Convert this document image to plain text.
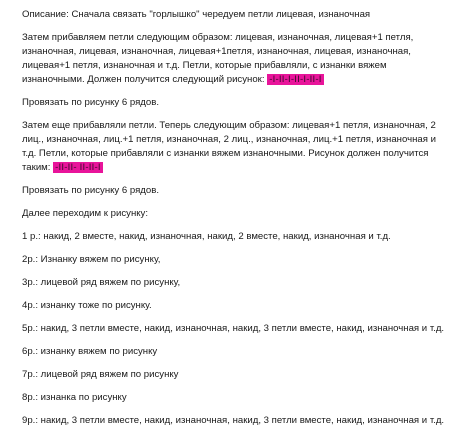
Описание: Сначала связать "горлышко" чередуем петли лицевая, изнаночная

Затем прибавляем петли следующим образом: лицевая, изнаночная, лицевая+1 петля, изнаночная, лицевая, изнаночная, лицевая+1петля, изнаночная, лицевая, изнаночная, лицевая+1 петля, изнаночная и т.д. Петли, которые прибавляли, с изнанки вяжем изнаночными. Должен получится следующий рисунок: -I-II-I-II-I-II-I

Провязать по рисунку 6 рядов.

Затем еще прибавляли петли. Теперь следующим образом: лицевая+1 петля, изнаночная, 2 лиц., изнаночная, лиц.+1 петля, изнаночная, 2 лиц., изнаночная, лиц.+1 петля, изнаночная и т.д. Петли, которые прибавляли с изнанки вяжем изнаночными. Рисунок должен получится таким: -II-II- II-II-I

Провязать по рисунку 6 рядов.

Далее переходим к рисунку:

1 р.: накид, 2 вместе, накид, изнаночная, накид, 2 вместе, накид, изнаночная и т.д.

2р.: Изнанку вяжем по рисунку,

3р.: лицевой ряд вяжем по рисунку,

4р.: изнанку тоже по рисунку.

5р.: накид, 3 петли вместе, накид, изнаночная, накид, 3 петли вместе, накид, изнаночная и т.д.

6р.: изнанку вяжем по рисунку

7р.: лицевой ряд вяжем по рисунку

8р.: изнанка по рисунку

9р.: накид, 3 петли вместе, накид, изнаночная, накид, 3 петли вместе, накид, изнаночная и т.д.
